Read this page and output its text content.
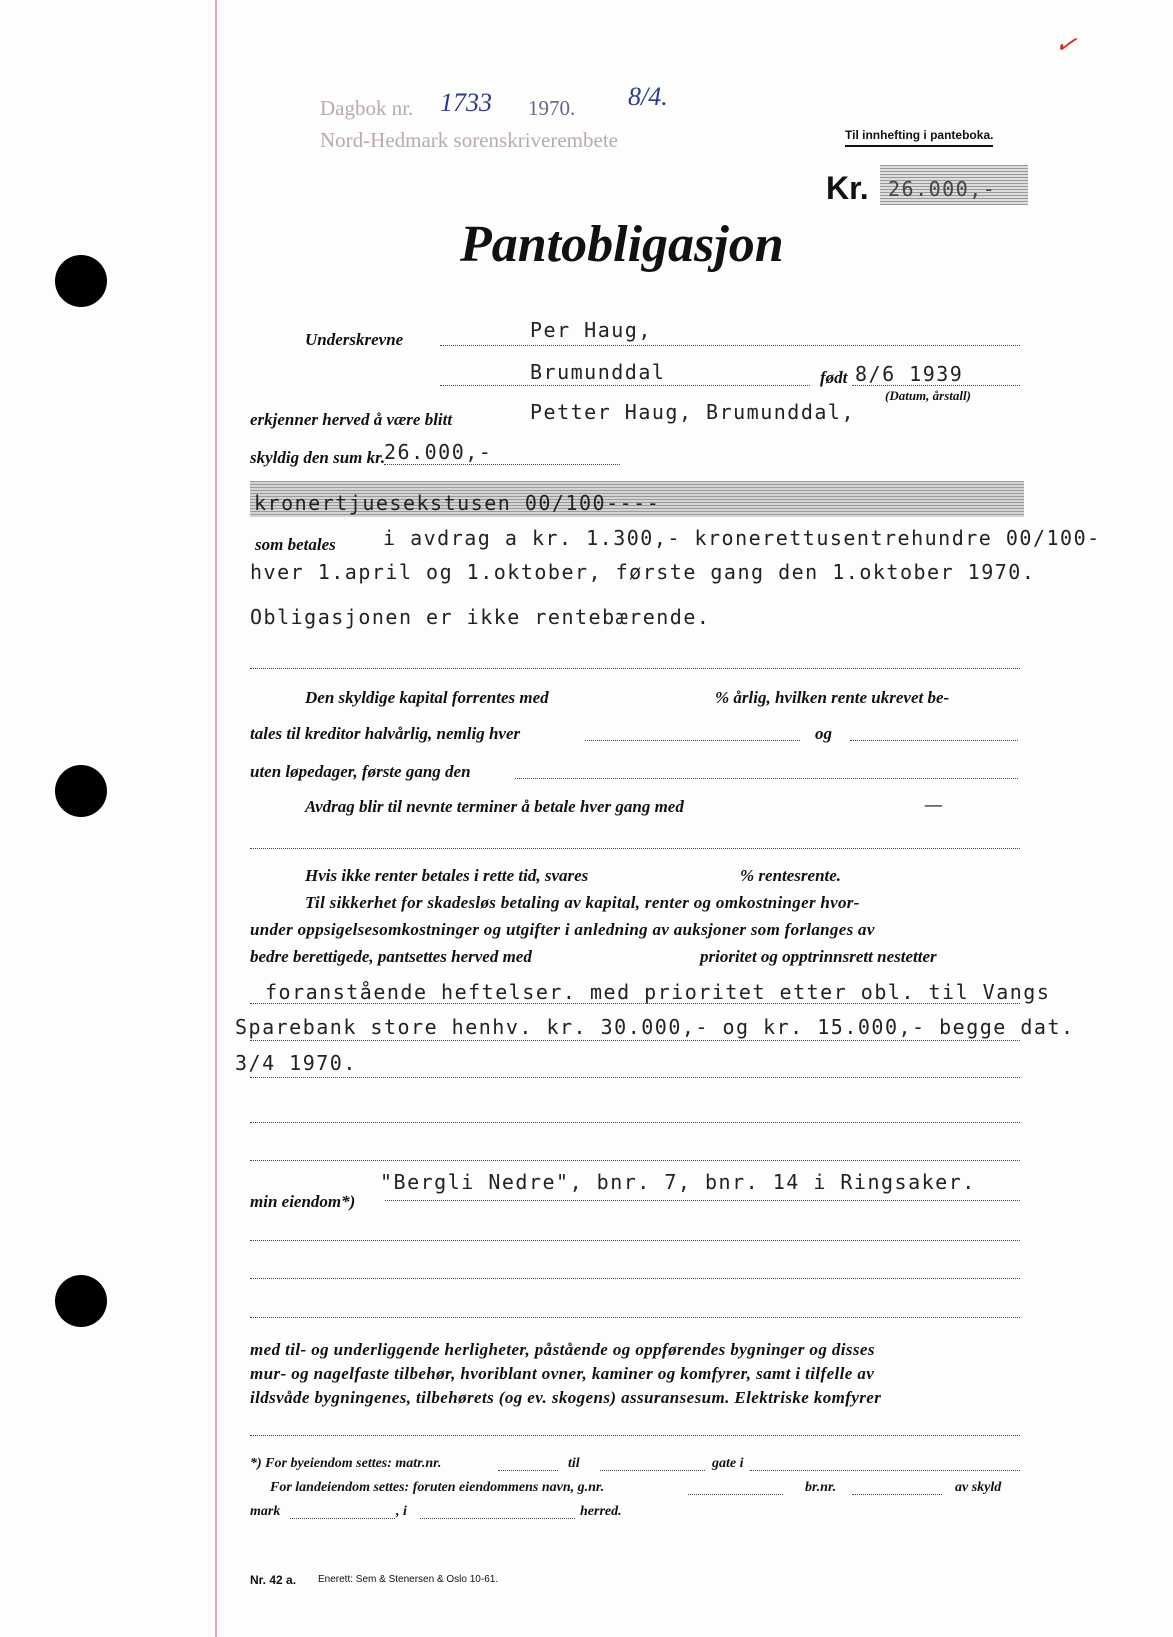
✓
Dagbok nr. 1733 1970. 8/4.
Nord-Hedmark sorenskriverembete	Til innhefting i panteboka.
Kr. 26.000,-
Pantobligasjon
Underskrevne	Per Haug,
Brumunddal	født 8/6 1939
(Datum, årstall)
erkjenner herved å være blitt	Petter Haug, Brumunddal,
skyldig den sum kr.
26.000,-
kronertjuesekstusen 00/100----
som betales i avdrag a kr. 1.300,- kronerettusentrehundre 00/100-
hver 1.april og 1.oktober, første gang den 1.oktober 1970.
Obligasjonen er ikke rentebærende.
Den skyldige kapital forrentes med	% årlig, hvilken rente ukrevet be-
tales til kreditor halvårlig, nemlig hver	og
uten løpedager, første gang den
Avdrag blir til nevnte terminer å betale hver gang med	—
Hvis ikke renter betales i rette tid, svares	% rentesrente.
Til sikkerhet for skadesløs betaling av kapital, renter og omkostninger hvor-
under oppsigelsesomkostninger og utgifter i anledning av auksjoner som forlanges av
bedre berettigede, pantsettes herved med	prioritet og opptrinnsrett nestetter
foranstående heftelser. med prioritet etter obl. til Vangs
Sparebank store henhv. kr. 30.000,- og kr. 15.000,- begge dat.
3/4 1970.
"Bergli Nedre", bnr. 7, bnr. 14 i Ringsaker.
min eiendom*)
med til- og underliggende herligheter, påstående og oppførendes bygninger og disses
mur- og nagelfaste tilbehør, hvoriblant ovner, kaminer og komfyrer, samt i tilfelle av
ildsvåde bygningenes, tilbehørets (og ev. skogens) assuransesum. Elektriske komfyrer
*) For byeiendom settes: matr.nr.	til	gate i
For landeiendom settes: foruten eiendommens navn, g.nr.	br.nr.	av skyld
mark	, i	herred.
Nr. 42 a. Enerett: Sem & Stenersen & Oslo 10-61.
